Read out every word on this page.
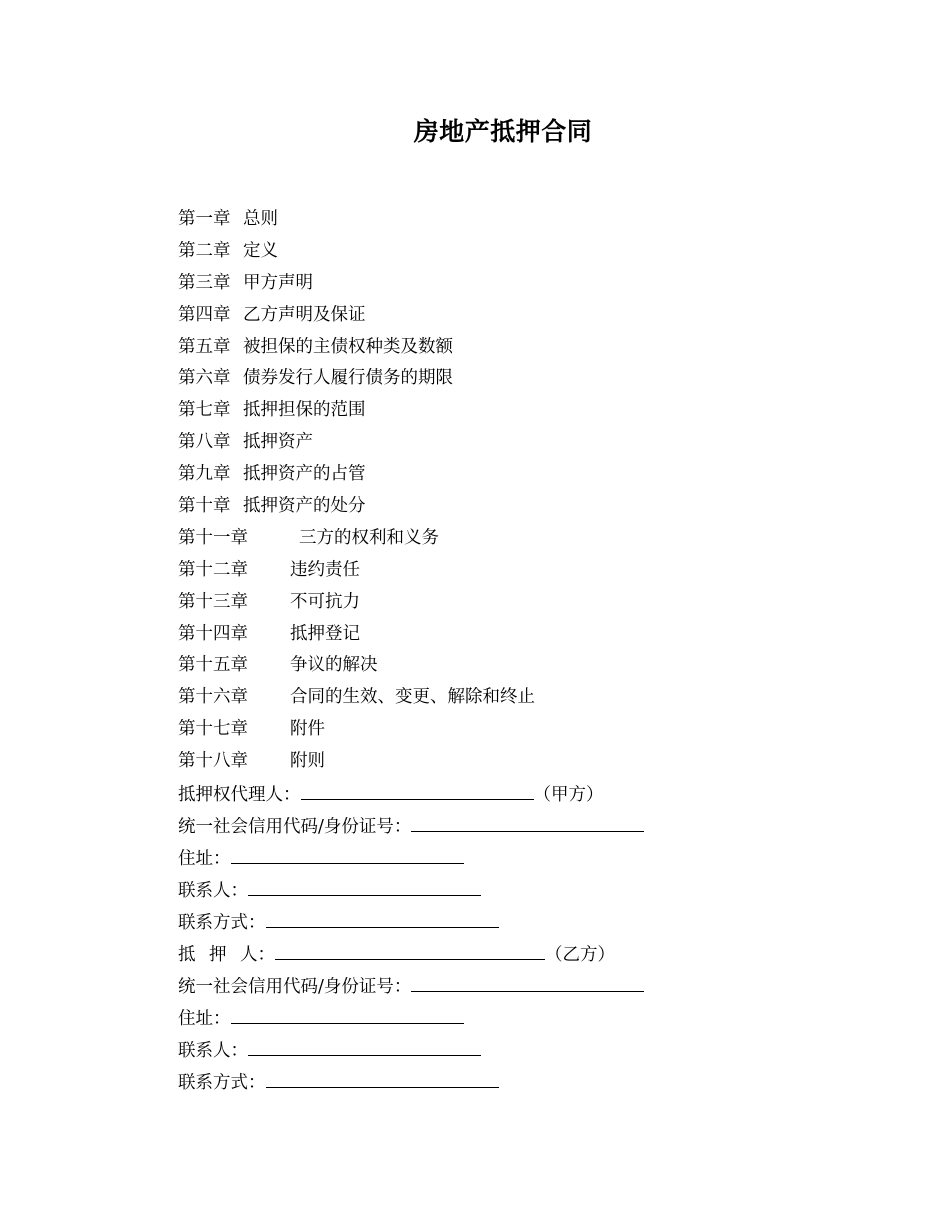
房地产抵押合同
第一章 总则
第二章 定义
第三章 甲方声明
第四章 乙方声明及保证
第五章 被担保的主债权种类及数额
第六章 债券发行人履行债务的期限
第七章 抵押担保的范围
第八章 抵押资产
第九章 抵押资产的占管
第十章 抵押资产的处分
第十一章	三方的权利和义务
第十二章 违约责任
第十三章 不可抗力
第十四章 抵押登记
第十五章 争议的解决
第十六章 合同的生效、变更、解除和终止
第十七章 附件
第十八章 附则
抵押权代理人：	（甲方）
统一社会信用代码/身份证号：
住址：
联系人：
联系方式：
抵 押 人：	（乙方）
统一社会信用代码/身份证号：
住址：
联系人：
联系方式：
